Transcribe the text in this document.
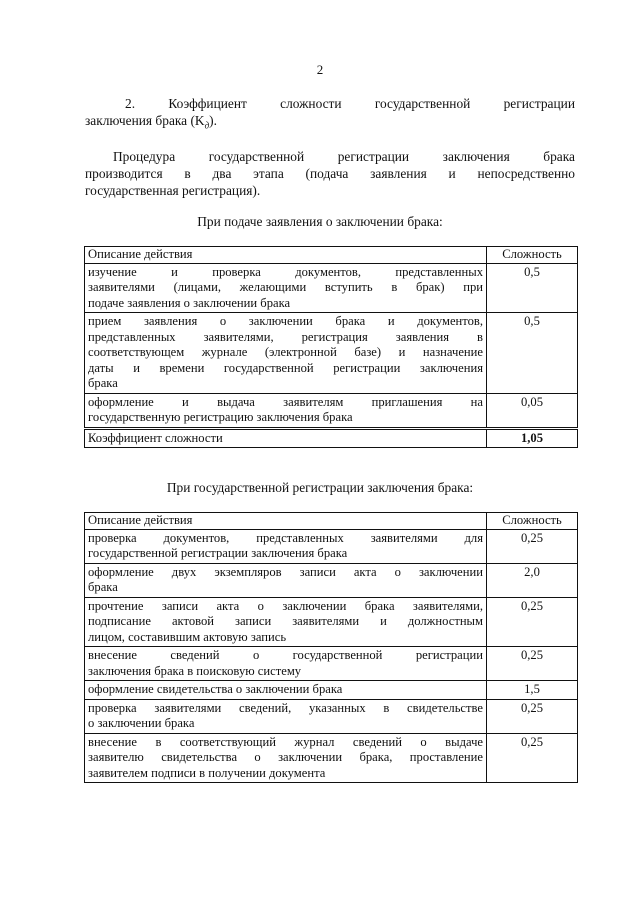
2
2. Коэффициент сложности государственной регистрации
заключения брака $(K_д)$.
Процедура государственной регистрации заключения брака
производится в два этапа (подача заявления и непосредственно
государственная регистрация).
При подаче заявления о заключении брака:
Описание действия	Сложность

изучение и проверка документов, представленных
заявителями (лицами, желающими вступить в брак) при
подаче заявления о заключении брака	0,5

прием заявления о заключении брака и документов,
представленных заявителями, регистрация заявления в
соответствующем журнале (электронной базе) и назначение
даты и времени государственной регистрации заключения
брака	0,5

оформление и выдача заявителям приглашения на
государственную регистрацию заключения брака	0,05
Коэффициент сложности	1,05
При государственной регистрации заключения брака:
Описание действия	Сложность

проверка документов, представленных заявителями для
государственной регистрации заключения брака	0,25

оформление двух экземпляров записи акта о заключении
брака	2,0

прочтение записи акта о заключении брака заявителями,
подписание актовой записи заявителями и должностным
лицом, составившим актовую запись	0,25

внесение сведений о государственной регистрации
заключения брака в поисковую систему	0,25

оформление свидетельства о заключении брака	1,5

проверка заявителями сведений, указанных в свидетельстве
о заключении брака	0,25

внесение в соответствующий журнал сведений о выдаче
заявителю свидетельства о заключении брака, проставление
заявителем подписи в получении документа	0,25
